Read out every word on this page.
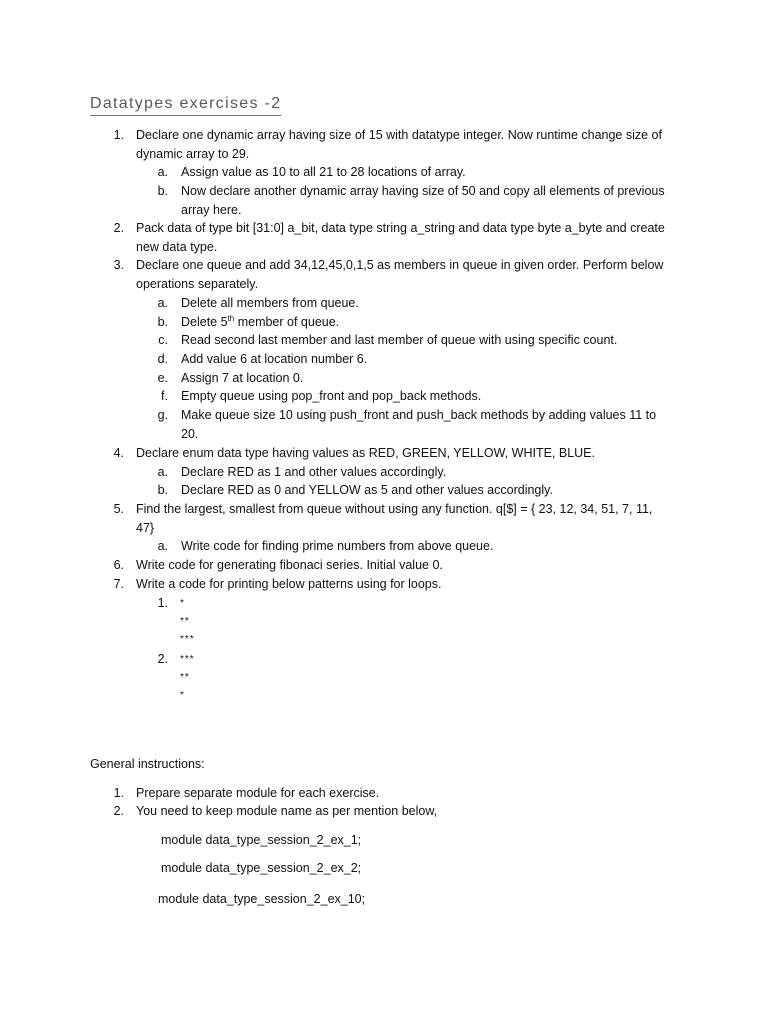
Datatypes exercises -2
1. Declare one dynamic array having size of 15 with datatype integer. Now runtime change size of
dynamic array to 29.
a. Assign value as 10 to all 21 to 28 locations of array.
b. Now declare another dynamic array having size of 50 and copy all elements of previous
array here.
2. Pack data of type bit [31:0] a_bit, data type string a_string and data type byte a_byte and create
new data type.
3. Declare one queue and add 34,12,45,0,1,5 as members in queue in given order. Perform below
operations separately.
a. Delete all members from queue.
b. Delete 5th member of queue.
c. Read second last member and last member of queue with using specific count.
d. Add value 6 at location number 6.
e. Assign 7 at location 0.
f. Empty queue using pop_front and pop_back methods.
g. Make queue size 10 using push_front and push_back methods by adding values 11 to
20.
4. Declare enum data type having values as RED, GREEN, YELLOW, WHITE, BLUE.
a. Declare RED as 1 and other values accordingly.
b. Declare RED as 0 and YELLOW as 5 and other values accordingly.
5. Find the largest, smallest from queue without using any function. q[$] = { 23, 12, 34, 51, 7, 11,
47}
a. Write code for finding prime numbers from above queue.
6. Write code for generating fibonaci series. Initial value 0.
7. Write a code for printing below patterns using for loops.
1. *
**
***
2. ***
**
*
General instructions:
1. Prepare separate module for each exercise.
2. You need to keep module name as per mention below,
module data_type_session_2_ex_1;
module data_type_session_2_ex_2;
module data_type_session_2_ex_10;
